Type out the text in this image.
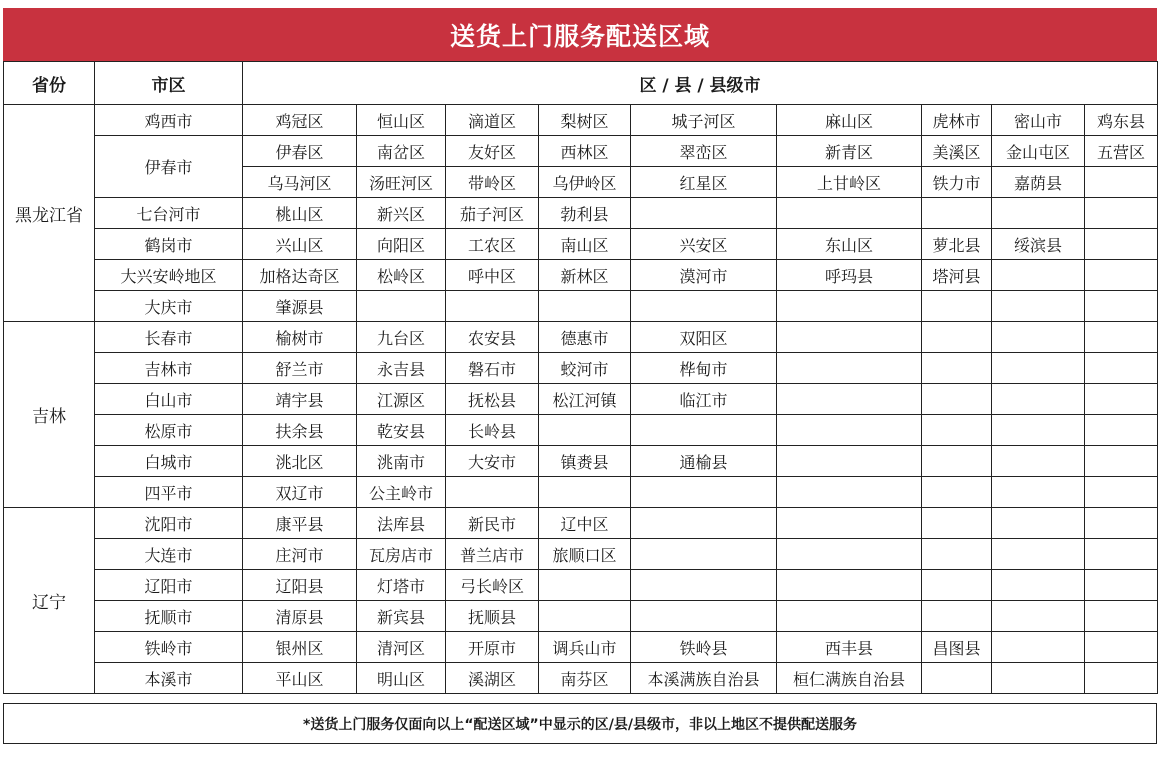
送货上门服务配送区域
省份	市区	区 / 县 / 县级市								
黑龙江省	鸡西市	鸡冠区	恒山区	滴道区	梨树区	城子河区	麻山区	虎林市	密山市	鸡东县
	伊春市	伊春区	南岔区	友好区	西林区	翠峦区	新青区	美溪区	金山屯区	五营区
		乌马河区	汤旺河区	带岭区	乌伊岭区	红星区	上甘岭区	铁力市	嘉荫县	
	七台河市	桃山区	新兴区	茄子河区	勃利县					
	鹤岗市	兴山区	向阳区	工农区	南山区	兴安区	东山区	萝北县	绥滨县	
	大兴安岭地区	加格达奇区	松岭区	呼中区	新林区	漠河市	呼玛县	塔河县		
	大庆市	肇源县								
吉林	长春市	榆树市	九台区	农安县	德惠市	双阳区				
	吉林市	舒兰市	永吉县	磐石市	蛟河市	桦甸市				
	白山市	靖宇县	江源区	抚松县	松江河镇	临江市				
	松原市	扶余县	乾安县	长岭县						
	白城市	洮北区	洮南市	大安市	镇赉县	通榆县				
	四平市	双辽市	公主岭市							
辽宁	沈阳市	康平县	法库县	新民市	辽中区					
	大连市	庄河市	瓦房店市	普兰店市	旅顺口区					
	辽阳市	辽阳县	灯塔市	弓长岭区						
	抚顺市	清原县	新宾县	抚顺县						
	铁岭市	银州区	清河区	开原市	调兵山市	铁岭县	西丰县	昌图县		
	本溪市	平山区	明山区	溪湖区	南芬区	本溪满族自治县	桓仁满族自治县			
*送货上门服务仅面向以上“配送区域”中显示的区/县/县级市，非以上地区不提供配送服务
